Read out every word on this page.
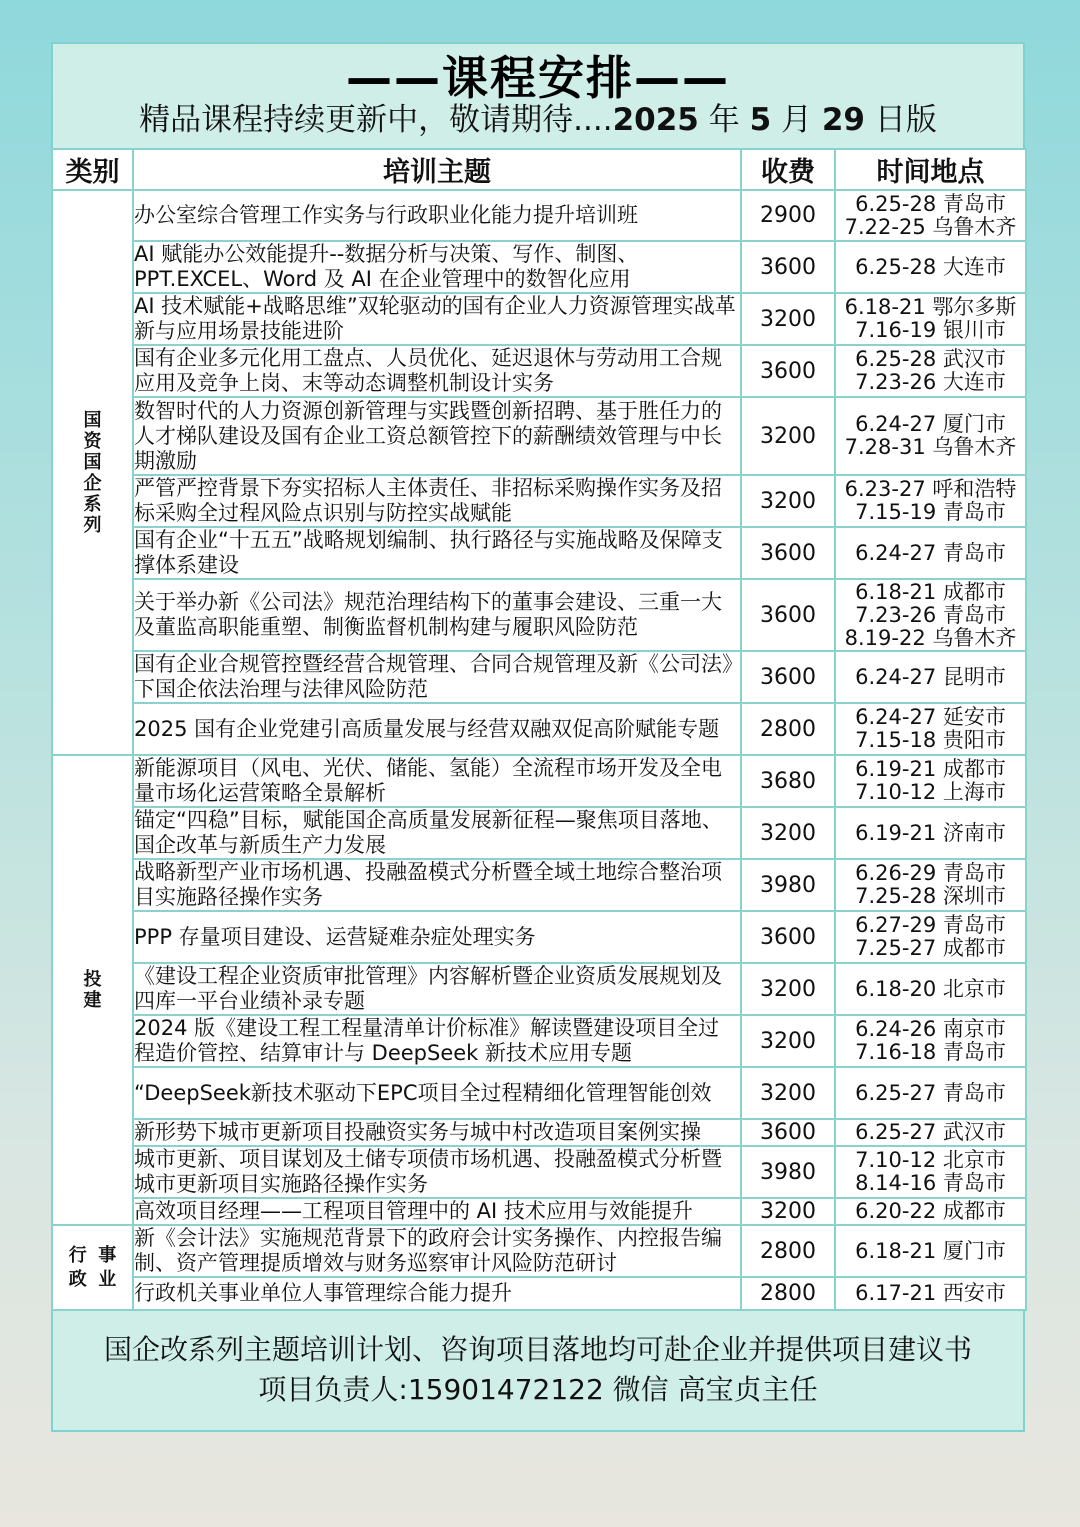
——课程安排——
精品课程持续更新中，敬请期待....2025 年 5 月 29 日版
类别	培训主题	收费	时间地点
国资国企系列	办公室综合管理工作实务与行政职业化能力提升培训班	2900	6.25-28 青岛市
7.22-25 乌鲁木齐

	AI 赋能办公效能提升--数据分析与决策、写作、制图、PPT.EXCEL、Word 及 AI 在企业管理中的数智化应用	3600	6.25-28 大连市

	AI 技术赋能+战略思维”双轮驱动的国有企业人力资源管理实战革新与应用场景技能进阶	3200	6.18-21 鄂尔多斯
7.16-19 银川市

	国有企业多元化用工盘点、人员优化、延迟退休与劳动用工合规应用及竞争上岗、末等动态调整机制设计实务	3600	6.25-28 武汉市
7.23-26 大连市

	数智时代的人力资源创新管理与实践暨创新招聘、基于胜任力的人才梯队建设及国有企业工资总额管控下的薪酬绩效管理与中长期激励	3200	6.24-27 厦门市
7.28-31 乌鲁木齐

	严管严控背景下夯实招标人主体责任、非招标采购操作实务及招标采购全过程风险点识别与防控实战赋能	3200	6.23-27 呼和浩特
7.15-19 青岛市

	国有企业“十五五”战略规划编制、执行路径与实施战略及保障支撑体系建设	3600	6.24-27 青岛市

	关于举办新《公司法》规范治理结构下的董事会建设、三重一大及董监高职能重塑、制衡监督机制构建与履职风险防范	3600	6.18-21 成都市
7.23-26 青岛市
8.19-22 乌鲁木齐

	国有企业合规管控暨经营合规管理、合同合规管理及新《公司法》下国企依法治理与法律风险防范	3600	6.24-27 昆明市

	2025 国有企业党建引高质量发展与经营双融双促高阶赋能专题	2800	6.24-27 延安市
7.15-18 贵阳市

投建	新能源项目（风电、光伏、储能、氢能）全流程市场开发及全电量市场化运营策略全景解析	3680	6.19-21 成都市
7.10-12 上海市

	锚定“四稳”目标，赋能国企高质量发展新征程—聚焦项目落地、国企改革与新质生产力发展	3200	6.19-21 济南市

	战略新型产业市场机遇、投融盈模式分析暨全域土地综合整治项目实施路径操作实务	3980	6.26-29 青岛市
7.25-28 深圳市

	PPP 存量项目建设、运营疑难杂症处理实务	3600	6.27-29 青岛市
7.25-27 成都市

	《建设工程企业资质审批管理》内容解析暨企业资质发展规划及四库一平台业绩补录专题	3200	6.18-20 北京市

	2024 版《建设工程工程量清单计价标准》解读暨建设项目全过程造价管控、结算审计与 DeepSeek 新技术应用专题	3200	6.24-26 南京市
7.16-18 青岛市

	“DeepSeek新技术驱动下EPC项目全过程精细化管理智能创效	3200	6.25-27 青岛市

	新形势下城市更新项目投融资实务与城中村改造项目案例实操	3600	6.25-27 武汉市

	城市更新、项目谋划及土储专项债市场机遇、投融盈模式分析暨城市更新项目实施路径操作实务	3980	7.10-12 北京市
8.14-16 青岛市

	高效项目经理——工程项目管理中的 AI 技术应用与效能提升	3200	6.20-22 成都市

行政
事业	新《会计法》实施规范背景下的政府会计实务操作、内控报告编制、资产管理提质增效与财务巡察审计风险防范研讨	2800	6.18-21 厦门市

	行政机关事业单位人事管理综合能力提升	2800	6.17-21 西安市
国企改系列主题培训计划、咨询项目落地均可赴企业并提供项目建议书
项目负责人:15901472122 微信 高宝贞主任
